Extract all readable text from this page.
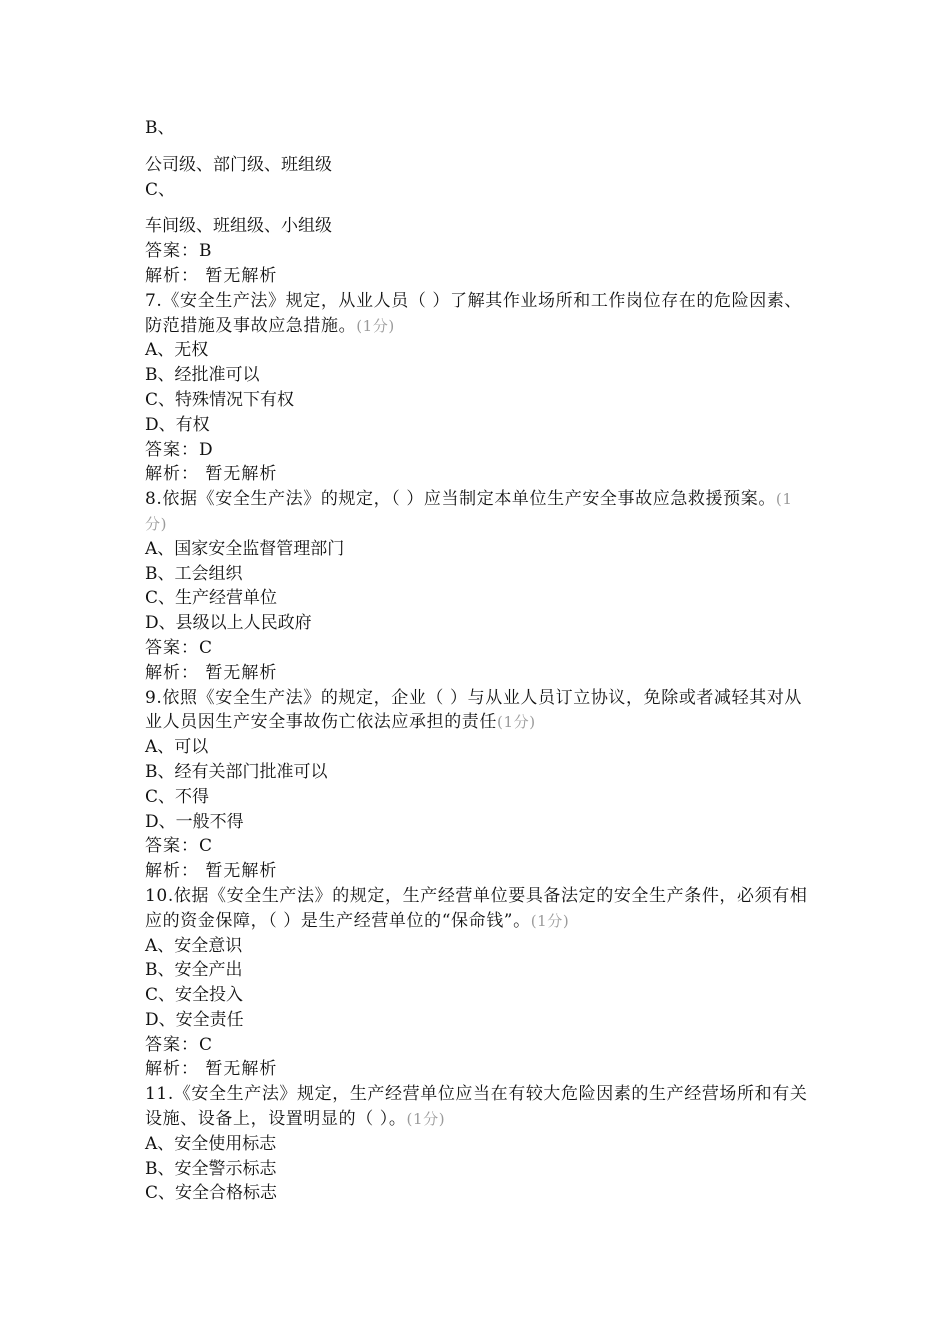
B、
公司级、部门级、班组级
C、
车间级、班组级、小组级
答案：B
解析： 暂无解析
7.《安全生产法》规定，从业人员（ ）了解其作业场所和工作岗位存在的危险因素、防范措施及事故应急措施。(1分)
A、无权
B、经批准可以
C、特殊情况下有权
D、有权
答案：D
解析： 暂无解析
8.依据《安全生产法》的规定，（ ）应当制定本单位生产安全事故应急救援预案。(1分)
A、国家安全监督管理部门
B、工会组织
C、生产经营单位
D、县级以上人民政府
答案：C
解析： 暂无解析
9.依照《安全生产法》的规定，企业（ ）与从业人员订立协议，免除或者减轻其对从业人员因生产安全事故伤亡依法应承担的责任(1分)
A、可以
B、经有关部门批准可以
C、不得
D、一般不得
答案：C
解析： 暂无解析
10.依据《安全生产法》的规定，生产经营单位要具备法定的安全生产条件，必须有相应的资金保障，（ ）是生产经营单位的“保命钱”。(1分)
A、安全意识
B、安全产出
C、安全投入
D、安全责任
答案：C
解析： 暂无解析
11.《安全生产法》规定，生产经营单位应当在有较大危险因素的生产经营场所和有关设施、设备上，设置明显的（ ）。(1分)
A、安全使用标志
B、安全警示标志
C、安全合格标志
